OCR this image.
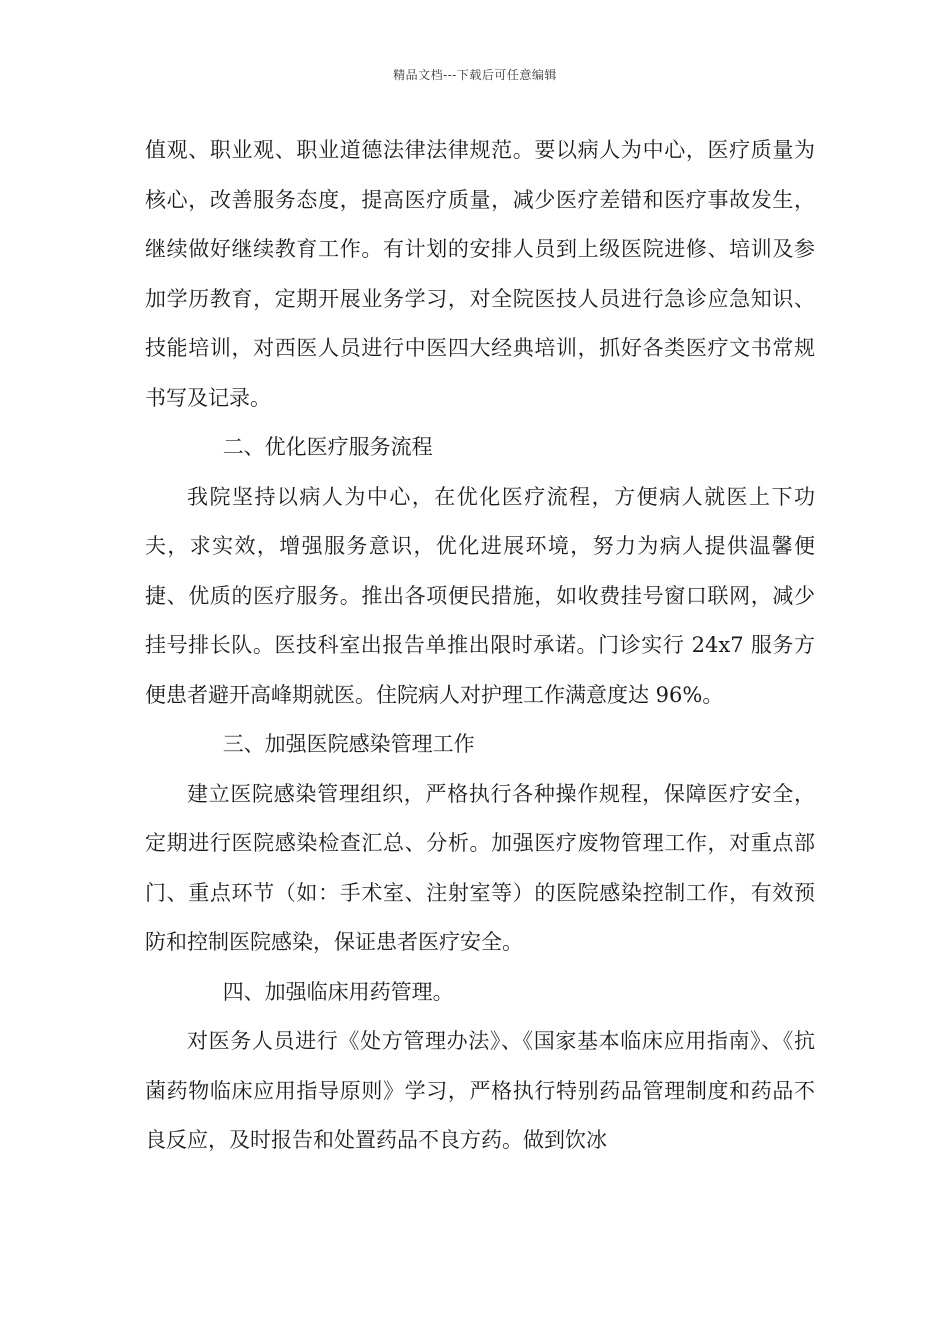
精品文档---下载后可任意编辑

值观、职业观、职业道德法律法律规范。要以病人为中心，医疗质量为核心，改善服务态度，提高医疗质量，减少医疗差错和医疗事故发生，继续做好继续教育工作。有计划的安排人员到上级医院进修、培训及参加学历教育，定期开展业务学习，对全院医技人员进行急诊应急知识、技能培训，对西医人员进行中医四大经典培训，抓好各类医疗文书常规书写及记录。

二、优化医疗服务流程

我院坚持以病人为中心，在优化医疗流程，方便病人就医上下功夫，求实效，增强服务意识，优化进展环境，努力为病人提供温馨便捷、优质的医疗服务。推出各项便民措施，如收费挂号窗口联网，减少挂号排长队。医技科室出报告单推出限时承诺。门诊实行 24x7 服务方便患者避开高峰期就医。住院病人对护理工作满意度达 96%。

三、加强医院感染管理工作

建立医院感染管理组织，严格执行各种操作规程，保障医疗安全，定期进行医院感染检查汇总、分析。加强医疗废物管理工作，对重点部门、重点环节（如：手术室、注射室等）的医院感染控制工作，有效预防和控制医院感染，保证患者医疗安全。

四、加强临床用药管理。

对医务人员进行《处方管理办法》、《国家基本临床应用指南》、《抗菌药物临床应用指导原则》学习，严格执行特别药品管理制度和药品不良反应，及时报告和处置药品不良方药。做到饮冰
